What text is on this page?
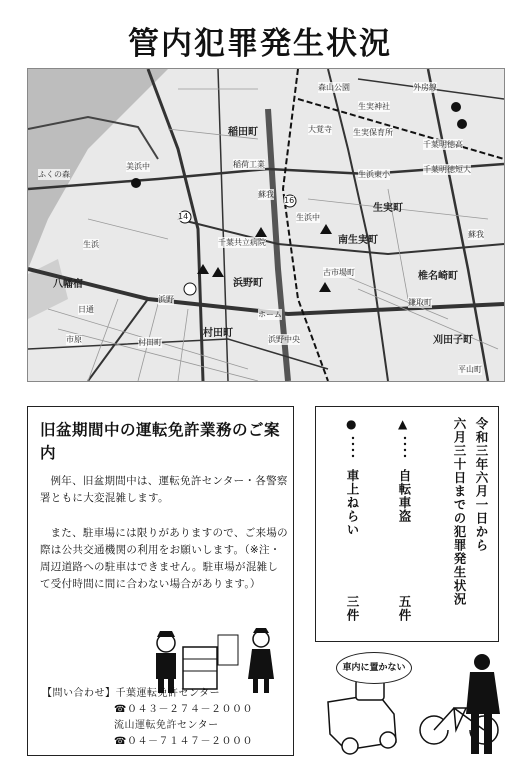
管内犯罪発生状況
森山公園	外房線
生実神社
稲田町	大覚寺	生実保育所
千葉明徳高
千葉明徳短大
美浜中	稲荷工業
生浜東小
生実町
生浜中
南生実町
八幡宿	浜野町
村田町
古市場町	椎名崎町
鎌取町
刈田子町
蘇我
浜野
千葉共立病院
市原
生浜
14
16
ふくの森
日通
蘇我
ホーム
浜野中央
村田町
平山町
旧盆期間中の運転免許業務のご案内
例年、旧盆期間中は、運転免許センター・各警察署ともに大変混雑します。
また、駐車場には限りがありますので、ご来場の際は公共交通機関の利用をお願いします。（※注・周辺道路への駐車はできません。駐車場が混雑して受付時間に間に合わない場合があります。）
【問い合わせ】千葉運転免許センター
☎０４３－２７４－２０００
流山運転免許センター
☎０４－７１４７－２０００
令和三年六月一日から
六月三十日までの犯罪発生状況
▲
自転車盗
五件
●
車上ねらい
三件
車内に置かない
